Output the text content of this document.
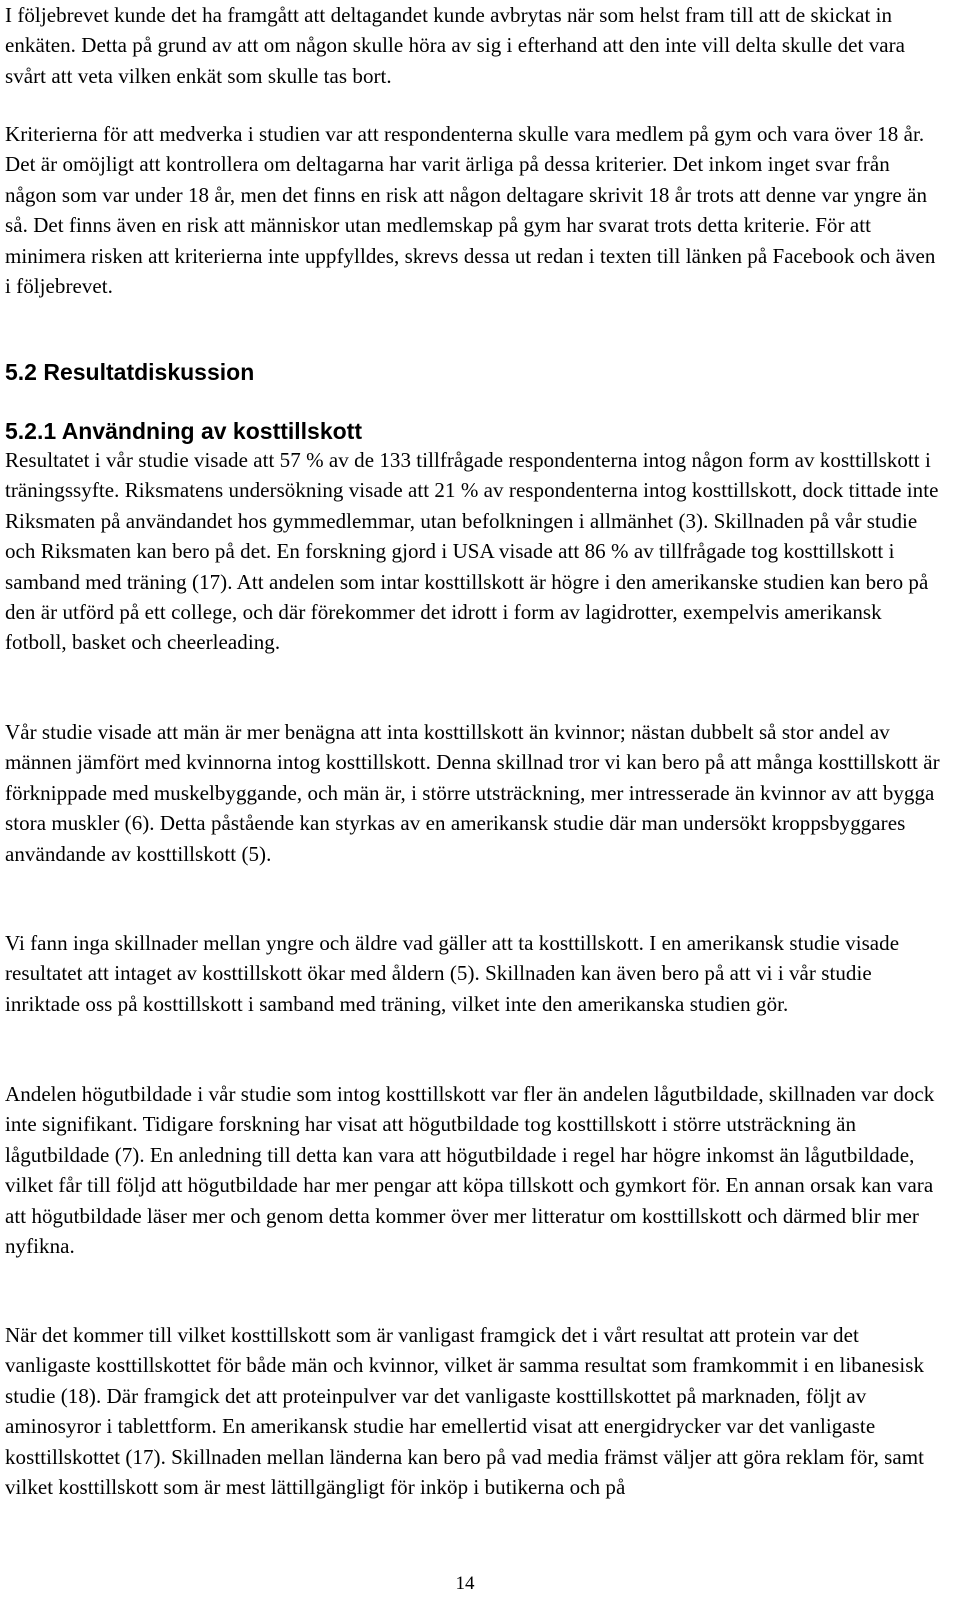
I följebrevet kunde det ha framgått att deltagandet kunde avbrytas när som helst fram till att de skickat in enkäten. Detta på grund av att om någon skulle höra av sig i efterhand att den inte vill delta skulle det vara svårt att veta vilken enkät som skulle tas bort.

Kriterierna för att medverka i studien var att respondenterna skulle vara medlem på gym och vara över 18 år. Det är omöjligt att kontrollera om deltagarna har varit ärliga på dessa kriterier. Det inkom inget svar från någon som var under 18 år, men det finns en risk att någon deltagare skrivit 18 år trots att denne var yngre än så. Det finns även en risk att människor utan medlemskap på gym har svarat trots detta kriterie. För att minimera risken att kriterierna inte uppfylldes, skrevs dessa ut redan i texten till länken på Facebook och även i följebrevet.

5.2 Resultatdiskussion
5.2.1 Användning av kosttillskott

Resultatet i vår studie visade att 57 % av de 133 tillfrågade respondenterna intog någon form av kosttillskott i träningssyfte. Riksmatens undersökning visade att 21 % av respondenterna intog kosttillskott, dock tittade inte Riksmaten på användandet hos gymmedlemmar, utan befolkningen i allmänhet (3). Skillnaden på vår studie och Riksmaten kan bero på det. En forskning gjord i USA visade att 86 % av tillfrågade tog kosttillskott i samband med träning (17). Att andelen som intar kosttillskott är högre i den amerikanske studien kan bero på den är utförd på ett college, och där förekommer det idrott i form av lagidrotter, exempelvis amerikansk fotboll, basket och cheerleading.

Vår studie visade att män är mer benägna att inta kosttillskott än kvinnor; nästan dubbelt så stor andel av männen jämfört med kvinnorna intog kosttillskott. Denna skillnad tror vi kan bero på att många kosttillskott är förknippade med muskelbyggande, och män är, i större utsträckning, mer intresserade än kvinnor av att bygga stora muskler (6). Detta påstående kan styrkas av en amerikansk studie där man undersökt kroppsbyggares användande av kosttillskott (5).

Vi fann inga skillnader mellan yngre och äldre vad gäller att ta kosttillskott. I en amerikansk studie visade resultatet att intaget av kosttillskott ökar med åldern (5). Skillnaden kan även bero på att vi i vår studie inriktade oss på kosttillskott i samband med träning, vilket inte den amerikanska studien gör.

Andelen högutbildade i vår studie som intog kosttillskott var fler än andelen lågutbildade, skillnaden var dock inte signifikant. Tidigare forskning har visat att högutbildade tog kosttillskott i större utsträckning än lågutbildade (7). En anledning till detta kan vara att högutbildade i regel har högre inkomst än lågutbildade, vilket får till följd att högutbildade har mer pengar att köpa tillskott och gymkort för. En annan orsak kan vara att högutbildade läser mer och genom detta kommer över mer litteratur om kosttillskott och därmed blir mer nyfikna.

När det kommer till vilket kosttillskott som är vanligast framgick det i vårt resultat att protein var det vanligaste kosttillskottet för både män och kvinnor, vilket är samma resultat som framkommit i en libanesisk studie (18). Där framgick det att proteinpulver var det vanligaste kosttillskottet på marknaden, följt av aminosyror i tablettform. En amerikansk studie har emellertid visat att energidrycker var det vanligaste kosttillskottet (17). Skillnaden mellan länderna kan bero på vad media främst väljer att göra reklam för, samt vilket kosttillskott som är mest lättillgängligt för inköp i butikerna och på

14
